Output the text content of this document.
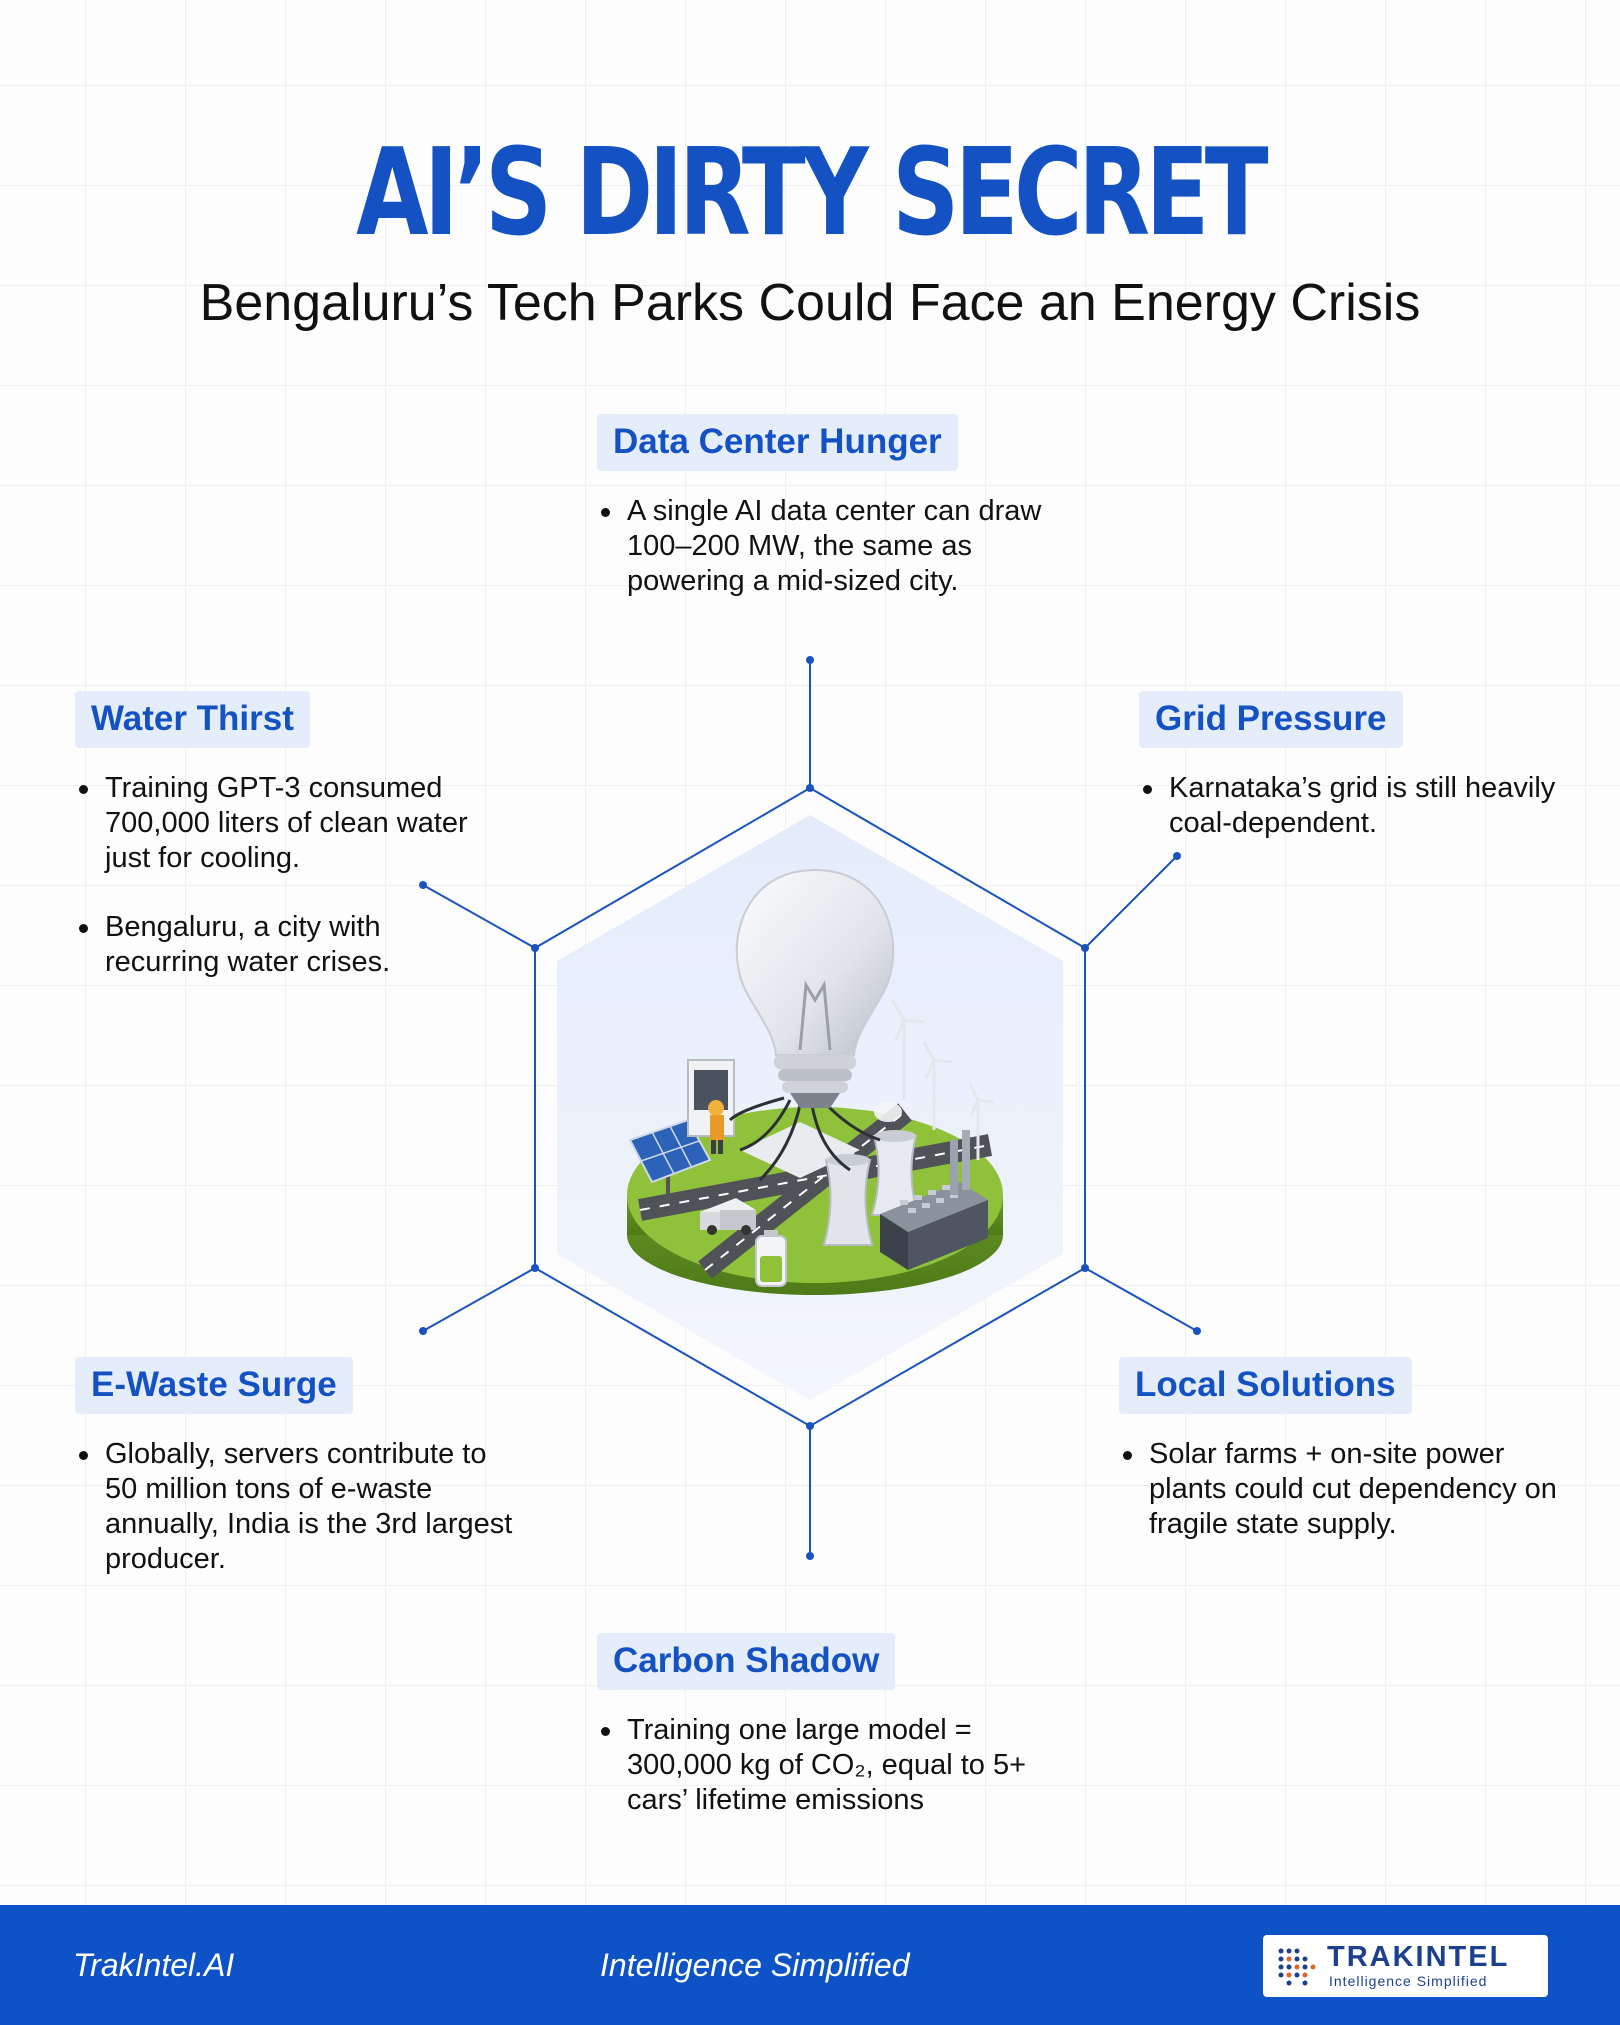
AI’S DIRTY SECRET
Bengaluru’s Tech Parks Could Face an Energy Crisis
Data Center Hunger
A single AI data center can draw 100–200 MW, the same as powering a mid-sized city.
Water Thirst
Training GPT-3 consumed 700,000 liters of clean water just for cooling.
Bengaluru, a city with recurring water crises.
Grid Pressure
Karnataka’s grid is still heavily coal-dependent.
E-Waste Surge
Globally, servers contribute to 50 million tons of e-waste annually, India is the 3rd largest producer.
Local Solutions
Solar farms + on-site power plants could cut dependency on fragile state supply.
Carbon Shadow
Training one large model = 300,000 kg of CO₂, equal to 5+ cars’ lifetime emissions
TrakIntel.AI	Intelligence Simplified	TRAKINTEL
Intelligence Simplified
